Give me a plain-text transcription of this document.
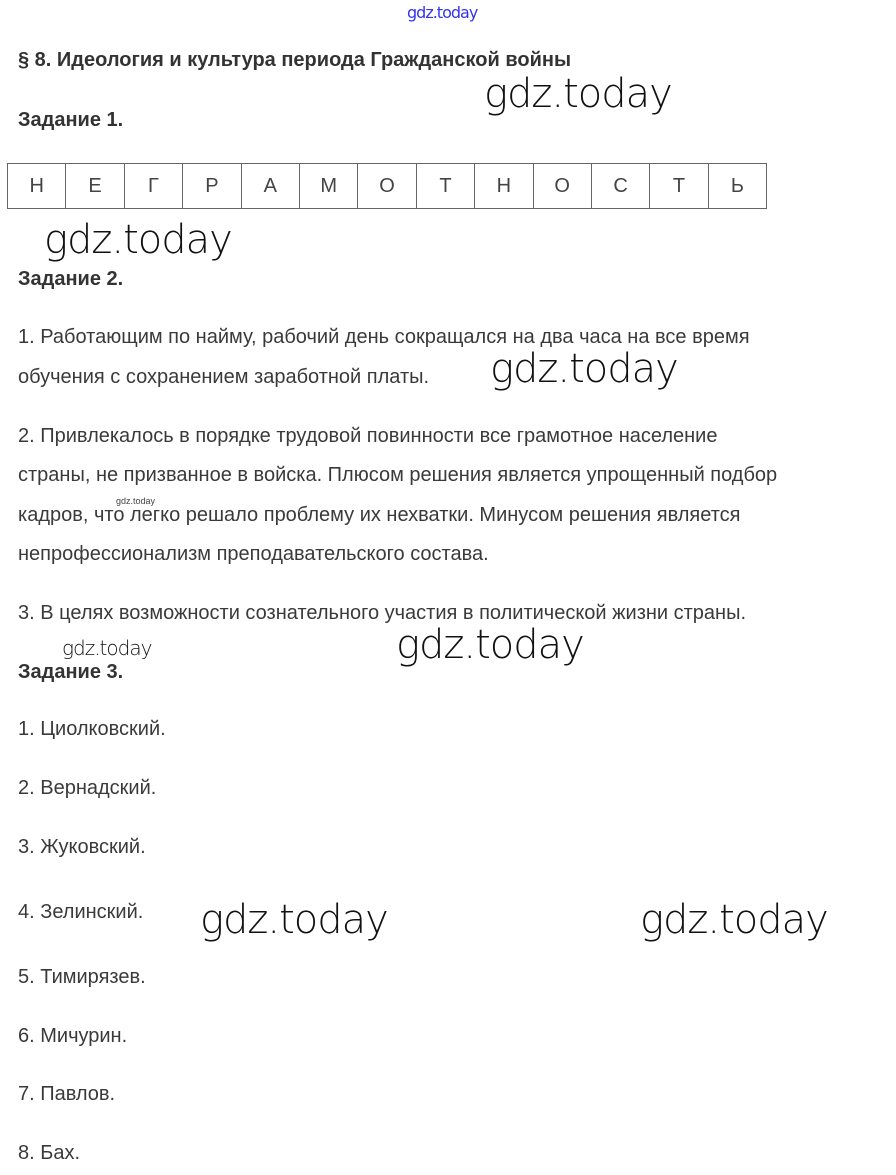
gdz.today
§ 8. Идеология и культура периода Гражданской войны
gdz.today
Задание 1.
Н	Е	Г	Р	А	М	О	Т	Н	О	С	Т	Ь
gdz.today
Задание 2.
1. Работающим по найму, рабочий день сокращался на два часа на все время
обучения с сохранением заработной платы. gdz.today
2. Привлекалось в порядке трудовой повинности все грамотное население
страны, не призванное в войска. Плюсом решения является упрощенный подбор
gdz.today
кадров, что легко решало проблему их нехватки. Минусом решения является
непрофессионализм преподавательского состава.
3. В целях возможности сознательного участия в политической жизни страны.
gdz.today	gdz.today
Задание 3.
1. Циолковский.
2. Вернадский.
3. Жуковский.
4. Зелинский. gdz.today	gdz.today
5. Тимирязев.
6. Мичурин.
7. Павлов.
8. Бах.
